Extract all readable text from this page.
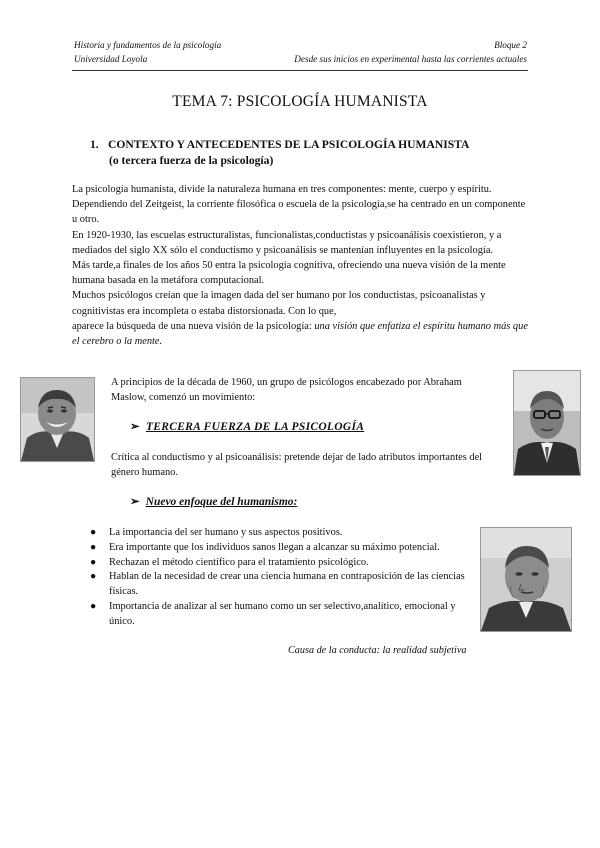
Historia y fundamentos de la psicología
Universidad Loyola
Bloque 2
Desde sus inicios en experimental hasta las corrientes actuales
TEMA 7: PSICOLOGÍA HUMANISTA
1. CONTEXTO Y ANTECEDENTES DE LA PSICOLOGÍA HUMANISTA
(o tercera fuerza de la psicología)

La psicología humanista, divide la naturaleza humana en tres componentes: mente, cuerpo y espíritu.

Dependiendo del Zeitgeist, la corriente filosófica o escuela de la psicología,se ha centrado en un componente u otro.

En 1920-1930, las escuelas estructuralistas, funcionalistas,conductistas y psicoanálisis coexistieron, y a mediados del siglo XX sólo el conductismo y psicoanálisis se mantenían influyentes en la psicología.

Más tarde,a finales de los años 50 entra la psicología cognitiva, ofreciendo una nueva visión de la mente humana basada en la metáfora computacional.

Muchos psicólogos creían que la imagen dada del ser humano por los conductistas, psicoanalistas y cognitivistas era incompleta o estaba distorsionada. Con lo que,

aparece la búsqueda de una nueva visión de la psicología: una visión que enfatiza el espíritu humano más que el cerebro o la mente.

A principios de la década de 1960, un grupo de psicólogos encabezado por Abraham Maslow, comenzó un movimiento:
➢ TERCERA FUERZA DE LA PSICOLOGÍA
Crítica al conductismo y al psicoanálisis: pretende dejar de lado atributos importantes del género humano.
➢ Nuevo enfoque del humanismo:
● La importancia del ser humano y sus aspectos positivos.
● Era importante que los individuos sanos llegan a alcanzar su máximo potencial.
● Rechazan el método científico para el tratamiento psicológico.
● Hablan de la necesidad de crear una ciencia humana en contraposición de las ciencias físicas.
● Importancia de analizar al ser humano como un ser selectivo,analítico, emocional y único.
Causa de la conducta: la realidad subjetiva
